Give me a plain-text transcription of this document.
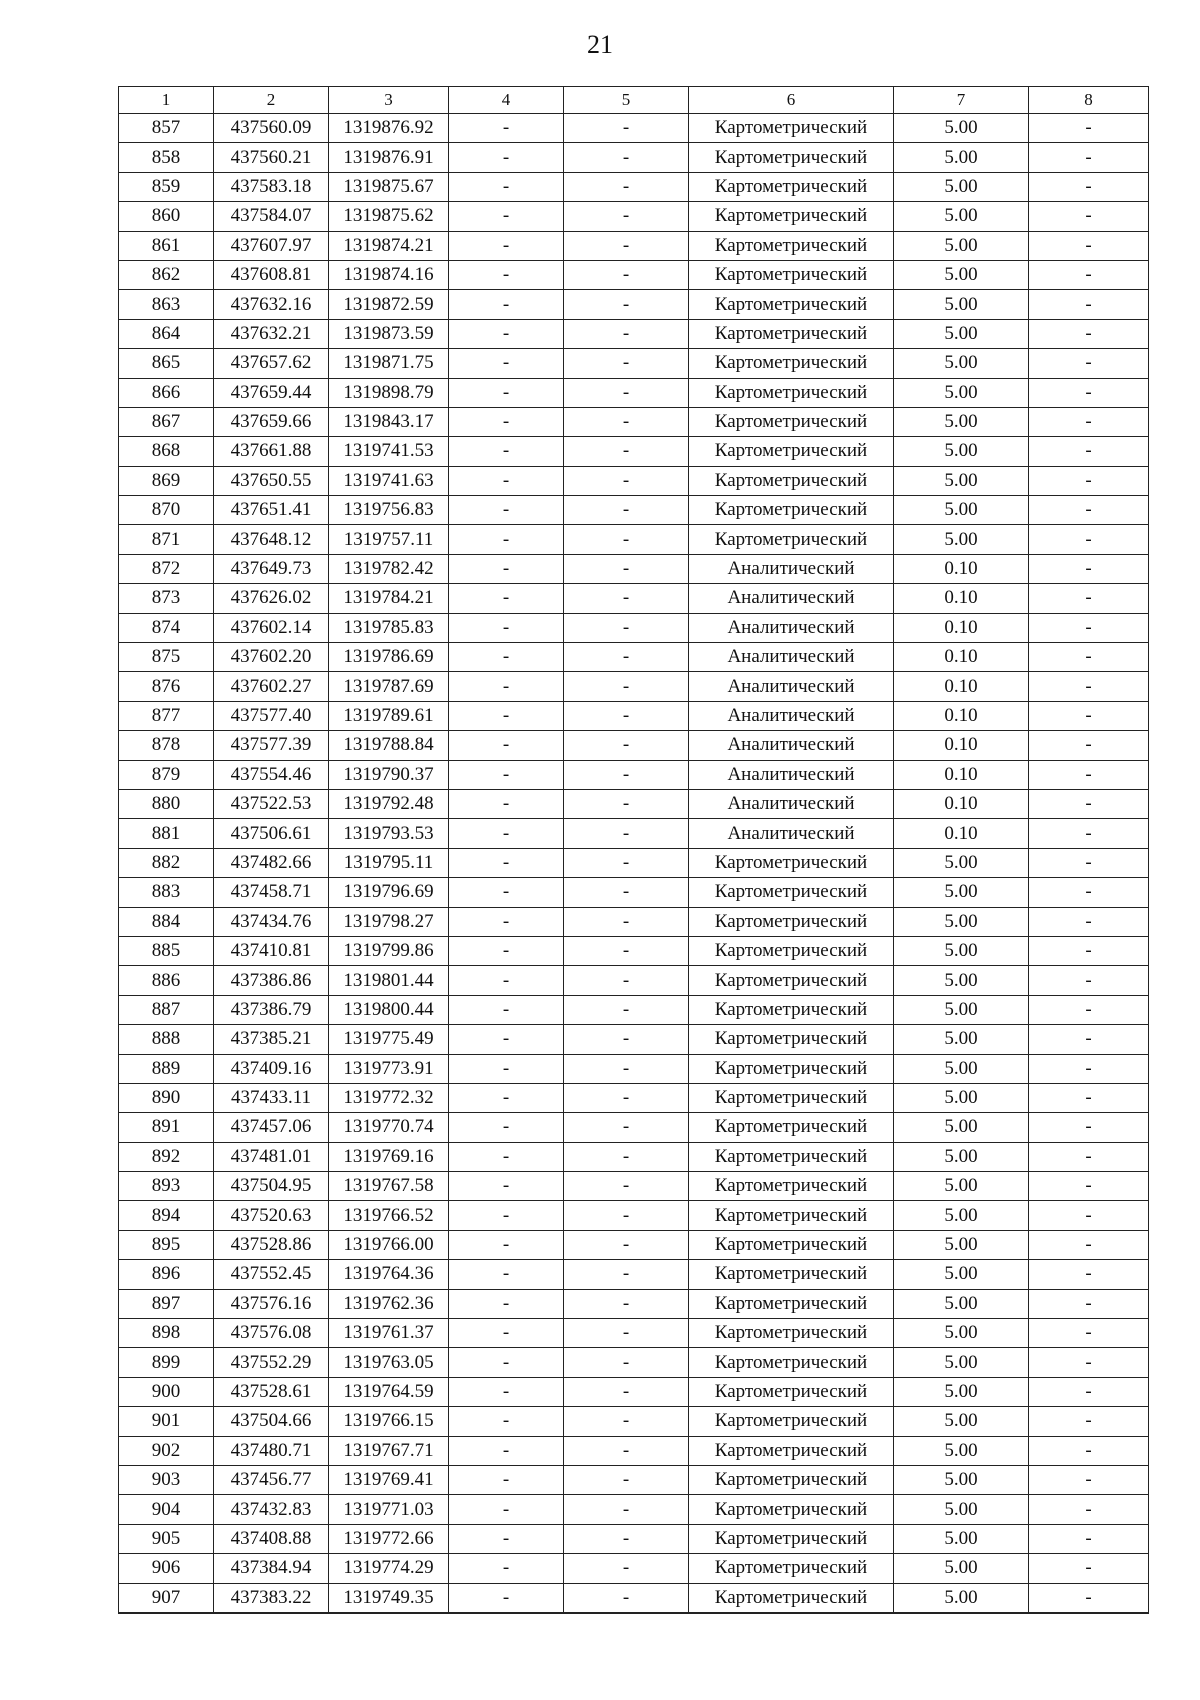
21
1	2	3	4	5	6	7	8
857	437560.09	1319876.92	-	-	Картометрический	5.00	-
858	437560.21	1319876.91	-	-	Картометрический	5.00	-
859	437583.18	1319875.67	-	-	Картометрический	5.00	-
860	437584.07	1319875.62	-	-	Картометрический	5.00	-
861	437607.97	1319874.21	-	-	Картометрический	5.00	-
862	437608.81	1319874.16	-	-	Картометрический	5.00	-
863	437632.16	1319872.59	-	-	Картометрический	5.00	-
864	437632.21	1319873.59	-	-	Картометрический	5.00	-
865	437657.62	1319871.75	-	-	Картометрический	5.00	-
866	437659.44	1319898.79	-	-	Картометрический	5.00	-
867	437659.66	1319843.17	-	-	Картометрический	5.00	-
868	437661.88	1319741.53	-	-	Картометрический	5.00	-
869	437650.55	1319741.63	-	-	Картометрический	5.00	-
870	437651.41	1319756.83	-	-	Картометрический	5.00	-
871	437648.12	1319757.11	-	-	Картометрический	5.00	-
872	437649.73	1319782.42	-	-	Аналитический	0.10	-
873	437626.02	1319784.21	-	-	Аналитический	0.10	-
874	437602.14	1319785.83	-	-	Аналитический	0.10	-
875	437602.20	1319786.69	-	-	Аналитический	0.10	-
876	437602.27	1319787.69	-	-	Аналитический	0.10	-
877	437577.40	1319789.61	-	-	Аналитический	0.10	-
878	437577.39	1319788.84	-	-	Аналитический	0.10	-
879	437554.46	1319790.37	-	-	Аналитический	0.10	-
880	437522.53	1319792.48	-	-	Аналитический	0.10	-
881	437506.61	1319793.53	-	-	Аналитический	0.10	-
882	437482.66	1319795.11	-	-	Картометрический	5.00	-
883	437458.71	1319796.69	-	-	Картометрический	5.00	-
884	437434.76	1319798.27	-	-	Картометрический	5.00	-
885	437410.81	1319799.86	-	-	Картометрический	5.00	-
886	437386.86	1319801.44	-	-	Картометрический	5.00	-
887	437386.79	1319800.44	-	-	Картометрический	5.00	-
888	437385.21	1319775.49	-	-	Картометрический	5.00	-
889	437409.16	1319773.91	-	-	Картометрический	5.00	-
890	437433.11	1319772.32	-	-	Картометрический	5.00	-
891	437457.06	1319770.74	-	-	Картометрический	5.00	-
892	437481.01	1319769.16	-	-	Картометрический	5.00	-
893	437504.95	1319767.58	-	-	Картометрический	5.00	-
894	437520.63	1319766.52	-	-	Картометрический	5.00	-
895	437528.86	1319766.00	-	-	Картометрический	5.00	-
896	437552.45	1319764.36	-	-	Картометрический	5.00	-
897	437576.16	1319762.36	-	-	Картометрический	5.00	-
898	437576.08	1319761.37	-	-	Картометрический	5.00	-
899	437552.29	1319763.05	-	-	Картометрический	5.00	-
900	437528.61	1319764.59	-	-	Картометрический	5.00	-
901	437504.66	1319766.15	-	-	Картометрический	5.00	-
902	437480.71	1319767.71	-	-	Картометрический	5.00	-
903	437456.77	1319769.41	-	-	Картометрический	5.00	-
904	437432.83	1319771.03	-	-	Картометрический	5.00	-
905	437408.88	1319772.66	-	-	Картометрический	5.00	-
906	437384.94	1319774.29	-	-	Картометрический	5.00	-
907	437383.22	1319749.35	-	-	Картометрический	5.00	-
